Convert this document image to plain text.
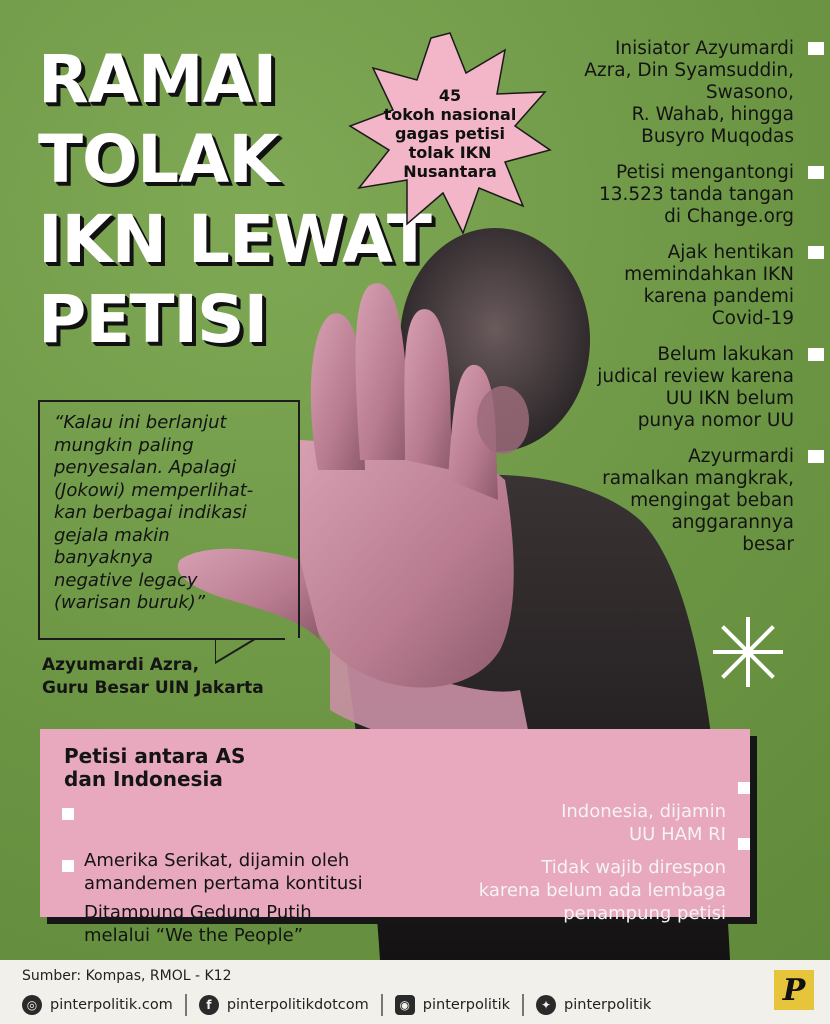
RAMAI
TOLAK
IKN LEWAT
PETISI
45
tokoh nasional
gagas petisi
tolak IKN
Nusantara
Inisiator Azyumardi
Azra, Din Syamsuddin,
Swasono,
R. Wahab, hingga
Busyro Muqodas
Petisi mengantongi
13.523 tanda tangan
di Change.org
Ajak hentikan
memindahkan IKN
karena pandemi
Covid-19
Belum lakukan
judical review karena
UU IKN belum
punya nomor UU
Azyurmardi
ramalkan mangkrak,
mengingat beban
anggarannya
besar
“Kalau ini berlanjut
mungkin paling
penyesalan. Apalagi
(Jokowi) memperlihat-
kan berbagai indikasi
gejala makin
banyaknya
negative legacy
(warisan buruk)”
Azyumardi Azra,
Guru Besar UIN Jakarta
Petisi antara AS
dan Indonesia

Amerika Serikat, dijamin oleh
amandemen pertama kontitusi

Ditampung Gedung Putih
melalui “We the People”

Indonesia, dijamin
UU HAM RI

Tidak wajib direspon
karena belum ada lembaga
penampung petisi

Sumber: Kompas, RMOL - K12
◎ pinterpolitik.com	f	pinterpolitikdotcom	◉ pinterpolitik	✦ pinterpolitik	P
